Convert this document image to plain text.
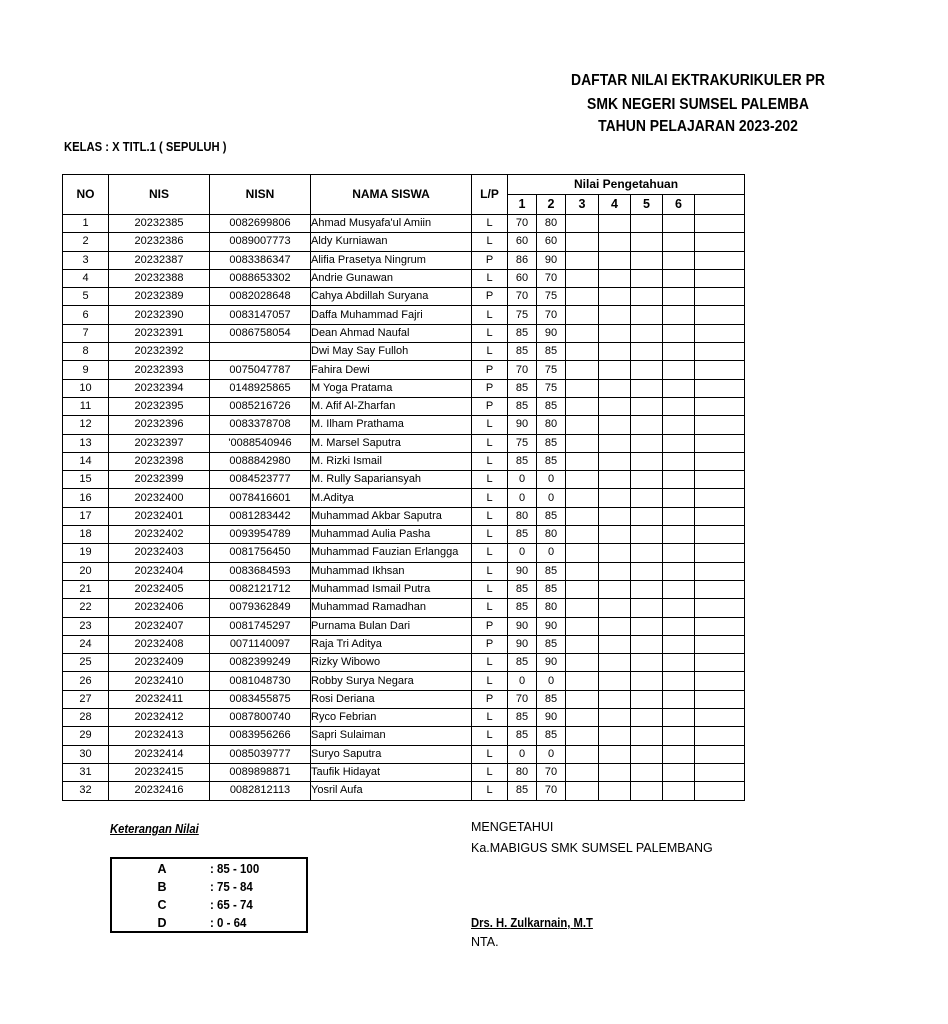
DAFTAR NILAI EKTRAKURIKULER PR
SMK NEGERI SUMSEL PALEMBA
TAHUN PELAJARAN 2023-202
KELAS : X TITL.1 ( SEPULUH )
NO	NIS	NISN	NAMA SISWA	L/P	Nilai Pengetahuan						
					1	2	3	4	5	6	
1	20232385	0082699806	Ahmad Musyafa'ul Amiin	L	70	80					
2	20232386	0089007773	Aldy Kurniawan	L	60	60					
3	20232387	0083386347	Alifia Prasetya Ningrum	P	86	90					
4	20232388	0088653302	Andrie Gunawan	L	60	70					
5	20232389	0082028648	Cahya Abdillah Suryana	P	70	75					
6	20232390	0083147057	Daffa Muhammad Fajri	L	75	70					
7	20232391	0086758054	Dean Ahmad Naufal	L	85	90					
8	20232392		Dwi May Say Fulloh	L	85	85					
9	20232393	0075047787	Fahira Dewi	P	70	75					
10	20232394	0148925865	M Yoga Pratama	P	85	75					
11	20232395	0085216726	M. Afif Al-Zharfan	P	85	85					
12	20232396	0083378708	M. Ilham Prathama	L	90	80					
13	20232397	'0088540946	M. Marsel Saputra	L	75	85					
14	20232398	0088842980	M. Rizki Ismail	L	85	85					
15	20232399	0084523777	M. Rully Sapariansyah	L	0	0					
16	20232400	0078416601	M.Aditya	L	0	0					
17	20232401	0081283442	Muhammad Akbar Saputra	L	80	85					
18	20232402	0093954789	Muhammad Aulia Pasha	L	85	80					
19	20232403	0081756450	Muhammad Fauzian Erlangga	L	0	0					
20	20232404	0083684593	Muhammad Ikhsan	L	90	85					
21	20232405	0082121712	Muhammad Ismail Putra	L	85	85					
22	20232406	0079362849	Muhammad Ramadhan	L	85	80					
23	20232407	0081745297	Purnama Bulan Dari	P	90	90					
24	20232408	0071140097	Raja Tri Aditya	P	90	85					
25	20232409	0082399249	Rizky Wibowo	L	85	90					
26	20232410	0081048730	Robby Surya Negara	L	0	0					
27	20232411	0083455875	Rosi Deriana	P	70	85					
28	20232412	0087800740	Ryco Febrian	L	85	90					
29	20232413	0083956266	Sapri Sulaiman	L	85	85					
30	20232414	0085039777	Suryo Saputra	L	0	0					
31	20232415	0089898871	Taufik Hidayat	L	80	70					
32	20232416	0082812113	Yosril Aufa	L	85	70					
Keterangan Nilai
A	: 85 - 100
B	: 75 - 84
C	: 65 - 74
D	: 0 - 64
MENGETAHUI
Ka.MABIGUS SMK SUMSEL PALEMBANG
Drs. H. Zulkarnain, M.T
NTA.
